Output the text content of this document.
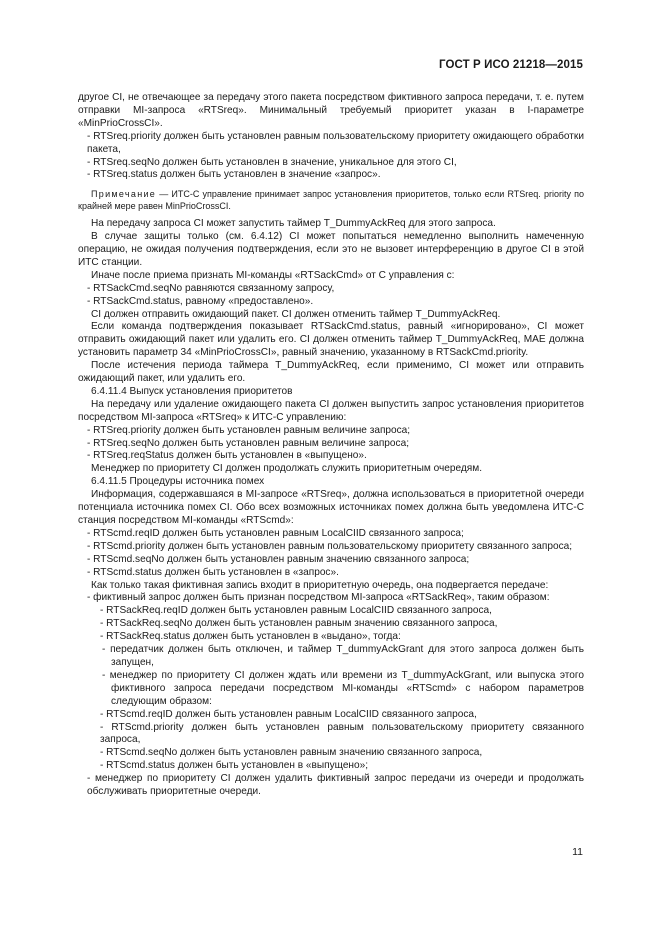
ГОСТ Р ИСО 21218—2015

другое CI, не отвечающее за передачу этого пакета посредством фиктивного запроса передачи, т. е. путем отправки MI-запроса «RTSreq». Минимальный требуемый приоритет указан в I-параметре «MinPrioCrossCI».

- RTSreq.priority должен быть установлен равным пользовательскому приоритету ожидающего обработки пакета,

- RTSreq.seqNo должен быть установлен в значение, уникальное для этого CI,

- RTSreq.status должен быть установлен в значение «запрос».

Примечание — ИТС-С управление принимает запрос установления приоритетов, только если RTSreq. priority по крайней мере равен MinPrioCrossCI.

На передачу запроса CI может запустить таймер T_DummyAckReq для этого запроса.

В случае защиты только (см. 6.4.12) CI может попытаться немедленно выполнить намеченную операцию, не ожидая получения подтверждения, если это не вызовет интерференцию в другое CI в этой ИТС станции.

Иначе после приема признать MI-команды «RTSackCmd» от С управления с:

- RTSackCmd.seqNo равняются связанному запросу,

- RTSackCmd.status, равному «предоставлено».

CI должен отправить ожидающий пакет. CI должен отменить таймер T_DummyAckReq.

Если команда подтверждения показывает RTSackCmd.status, равный «игнорировано», CI может отправить ожидающий пакет или удалить его. CI должен отменить таймер T_DummyAckReq, МАЕ должна установить параметр 34 «MinPrioCrossCI», равный значению, указанному в RTSackCmd.priority.

После истечения периода таймера T_DummyAckReq, если применимо, CI может или отправить ожидающий пакет, или удалить его.

6.4.11.4 Выпуск установления приоритетов

На передачу или удаление ожидающего пакета CI должен выпустить запрос установления приоритетов посредством MI-запроса «RTSreq» к ИТС-С управлению:

- RTSreq.priority должен быть установлен равным величине запроса;

- RTSreq.seqNo должен быть установлен равным величине запроса;

- RTSreq.reqStatus должен быть установлен в «выпущено».

Менеджер по приоритету CI должен продолжать служить приоритетным очередям.

6.4.11.5 Процедуры источника помех

Информация, содержавшаяся в MI-запросе «RTSreq», должна использоваться в приоритетной очереди потенциала источника помех CI. Обо всех возможных источниках помех должна быть уведомлена ИТС-С станция посредством MI-команды «RTScmd»:

- RTScmd.reqID должен быть установлен равным LocalCIID связанного запроса;

- RTScmd.priority должен быть установлен равным пользовательскому приоритету связанного запроса;

- RTScmd.seqNo должен быть установлен равным значению связанного запроса;

- RTScmd.status должен быть установлен в «запрос».

Как только такая фиктивная запись входит в приоритетную очередь, она подвергается передаче:

- фиктивный запрос должен быть признан посредством MI-запроса «RTSackReq», таким образом:

- RTSackReq.reqID должен быть установлен равным LocalCIID связанного запроса,

- RTSackReq.seqNo должен быть установлен равным значению связанного запроса,

- RTSackReq.status должен быть установлен в «выдано», тогда:

- передатчик должен быть отключен, и таймер T_dummyAckGrant для этого запроса должен быть запущен,

- менеджер по приоритету CI должен ждать или времени из T_dummyAckGrant, или выпуска этого фиктивного запроса передачи посредством MI-команды «RTScmd» с набором параметров следующим образом:

- RTScmd.reqID должен быть установлен равным LocalCIID связанного запроса,

- RTScmd.priority должен быть установлен равным пользовательскому приоритету связанного запроса,

- RTScmd.seqNo должен быть установлен равным значению связанного запроса,

- RTScmd.status должен быть установлен в «выпущено»;

- менеджер по приоритету CI должен удалить фиктивный запрос передачи из очереди и продолжать обслуживать приоритетные очереди.

11
